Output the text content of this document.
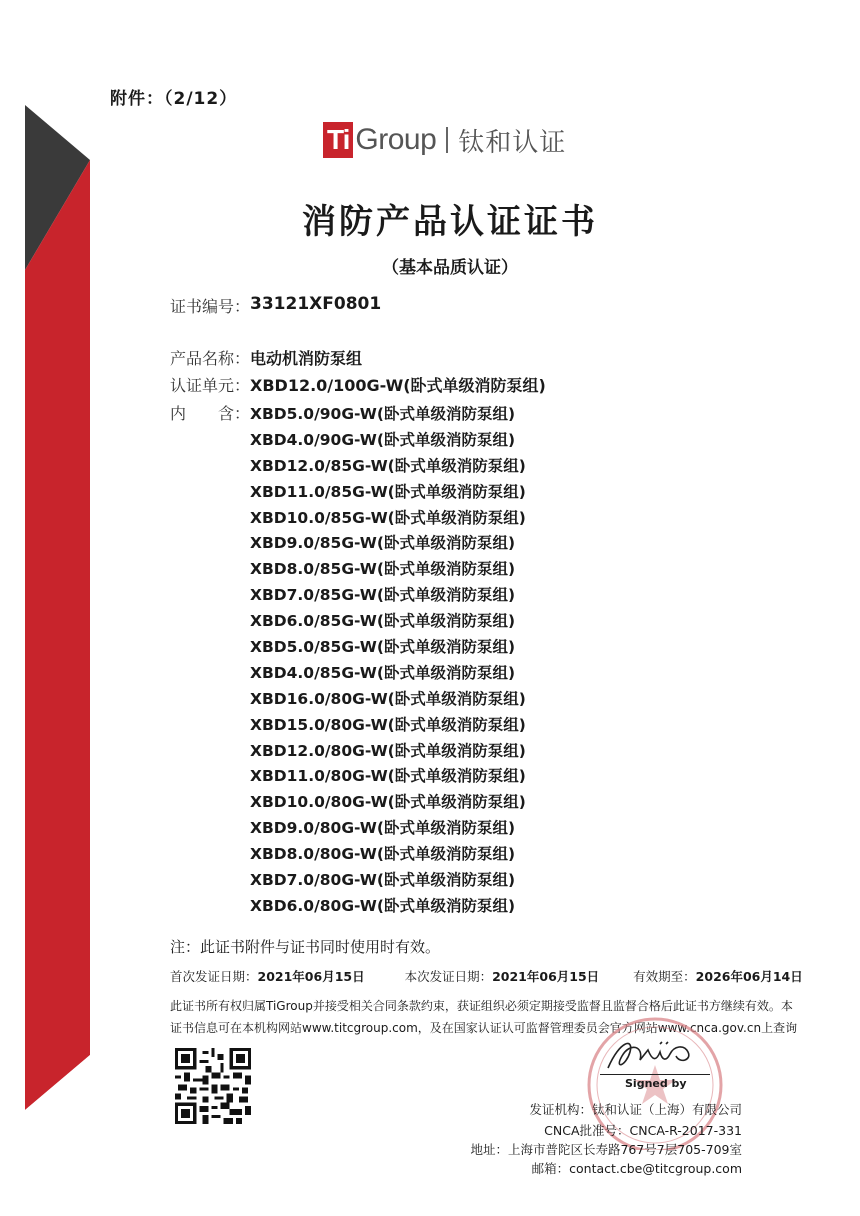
附件：（2/12）
Ti Group 钛和认证
消防产品认证证书
（基本品质认证）
证书编号： 33121XF0801
产品名称： 电动机消防泵组
认证单元： XBD12.0/100G-W(卧式单级消防泵组)
内　　含： XBD5.0/90G-W(卧式单级消防泵组)
XBD4.0/90G-W(卧式单级消防泵组)
XBD12.0/85G-W(卧式单级消防泵组)
XBD11.0/85G-W(卧式单级消防泵组)
XBD10.0/85G-W(卧式单级消防泵组)
XBD9.0/85G-W(卧式单级消防泵组)
XBD8.0/85G-W(卧式单级消防泵组)
XBD7.0/85G-W(卧式单级消防泵组)
XBD6.0/85G-W(卧式单级消防泵组)
XBD5.0/85G-W(卧式单级消防泵组)
XBD4.0/85G-W(卧式单级消防泵组)
XBD16.0/80G-W(卧式单级消防泵组)
XBD15.0/80G-W(卧式单级消防泵组)
XBD12.0/80G-W(卧式单级消防泵组)
XBD11.0/80G-W(卧式单级消防泵组)
XBD10.0/80G-W(卧式单级消防泵组)
XBD9.0/80G-W(卧式单级消防泵组)
XBD8.0/80G-W(卧式单级消防泵组)
XBD7.0/80G-W(卧式单级消防泵组)
XBD6.0/80G-W(卧式单级消防泵组)
注：此证书附件与证书同时使用时有效。
首次发证日期：2021年06月15日	本次发证日期：2021年06月15日	有效期至：2026年06月14日
此证书所有权归属TiGroup并接受相关合同条款约束，获证组织必须定期接受监督且监督合格后此证书方继续有效。本
证书信息可在本机构网站www.titcgroup.com，及在国家认证认可监督管理委员会官方网站www.cnca.gov.cn上查询
Signed by
发证机构：钛和认证（上海）有限公司
CNCA批准号：CNCA-R-2017-331
地址：上海市普陀区长寿路767号7层705-709室
邮箱：contact.cbe@titcgroup.com
